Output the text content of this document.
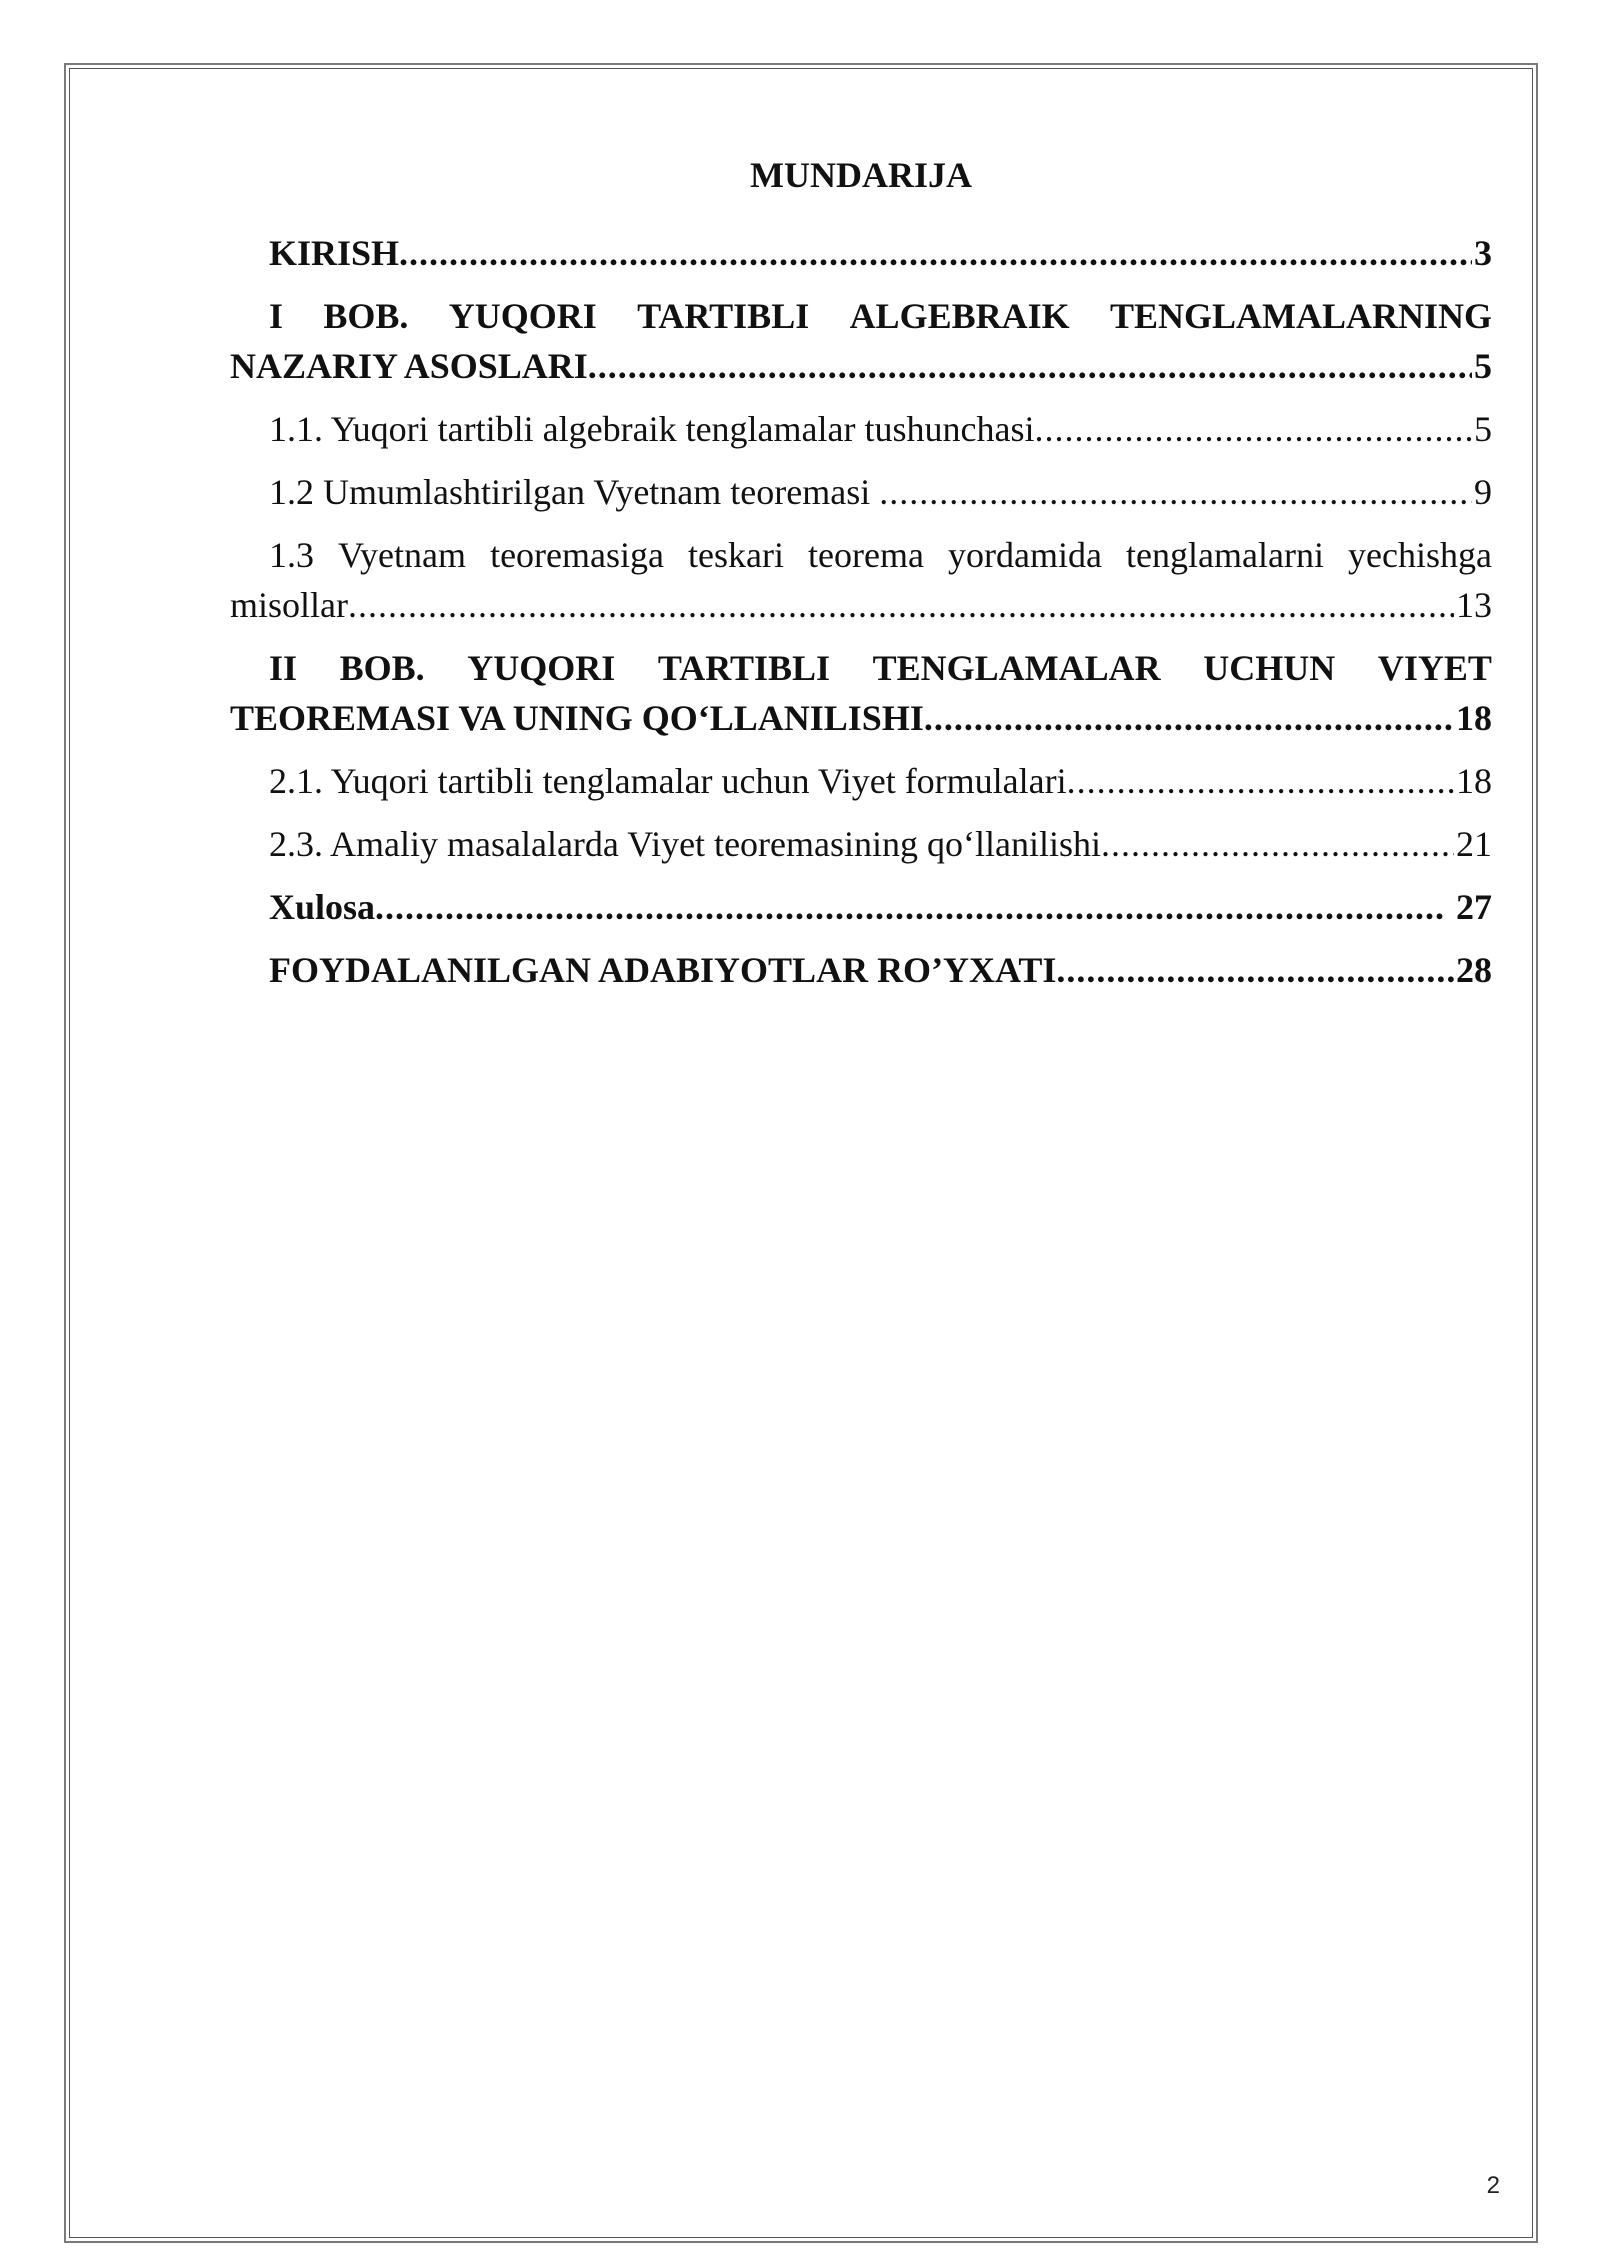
MUNDARIJA
KIRISH .....	3
I BOB. YUQORI TARTIBLI ALGEBRAIK TENGLAMALARNING
NAZARIY ASOSLARI .....	5
1.1. Yuqori tartibli algebraik tenglamalar tushunchasi .....	5
1.2 Umumlashtirilgan Vyetnam teoremasi .....	9
1.3 Vyetnam teoremasiga teskari teorema yordamida tenglamalarni yechishga
misollar .....	13
II BOB. YUQORI TARTIBLI TENGLAMALAR UCHUN VIYET
TEOREMASI VA UNING QO‘LLANILISHI .....	18
2.1. Yuqori tartibli tenglamalar uchun Viyet formulalari .....	18
2.3. Amaliy masalalarda Viyet teoremasining qo‘llanilishi .....	21
Xulosa .....	27
FOYDALANILGAN ADABIYOTLAR RO’YXATI .....	28
2
